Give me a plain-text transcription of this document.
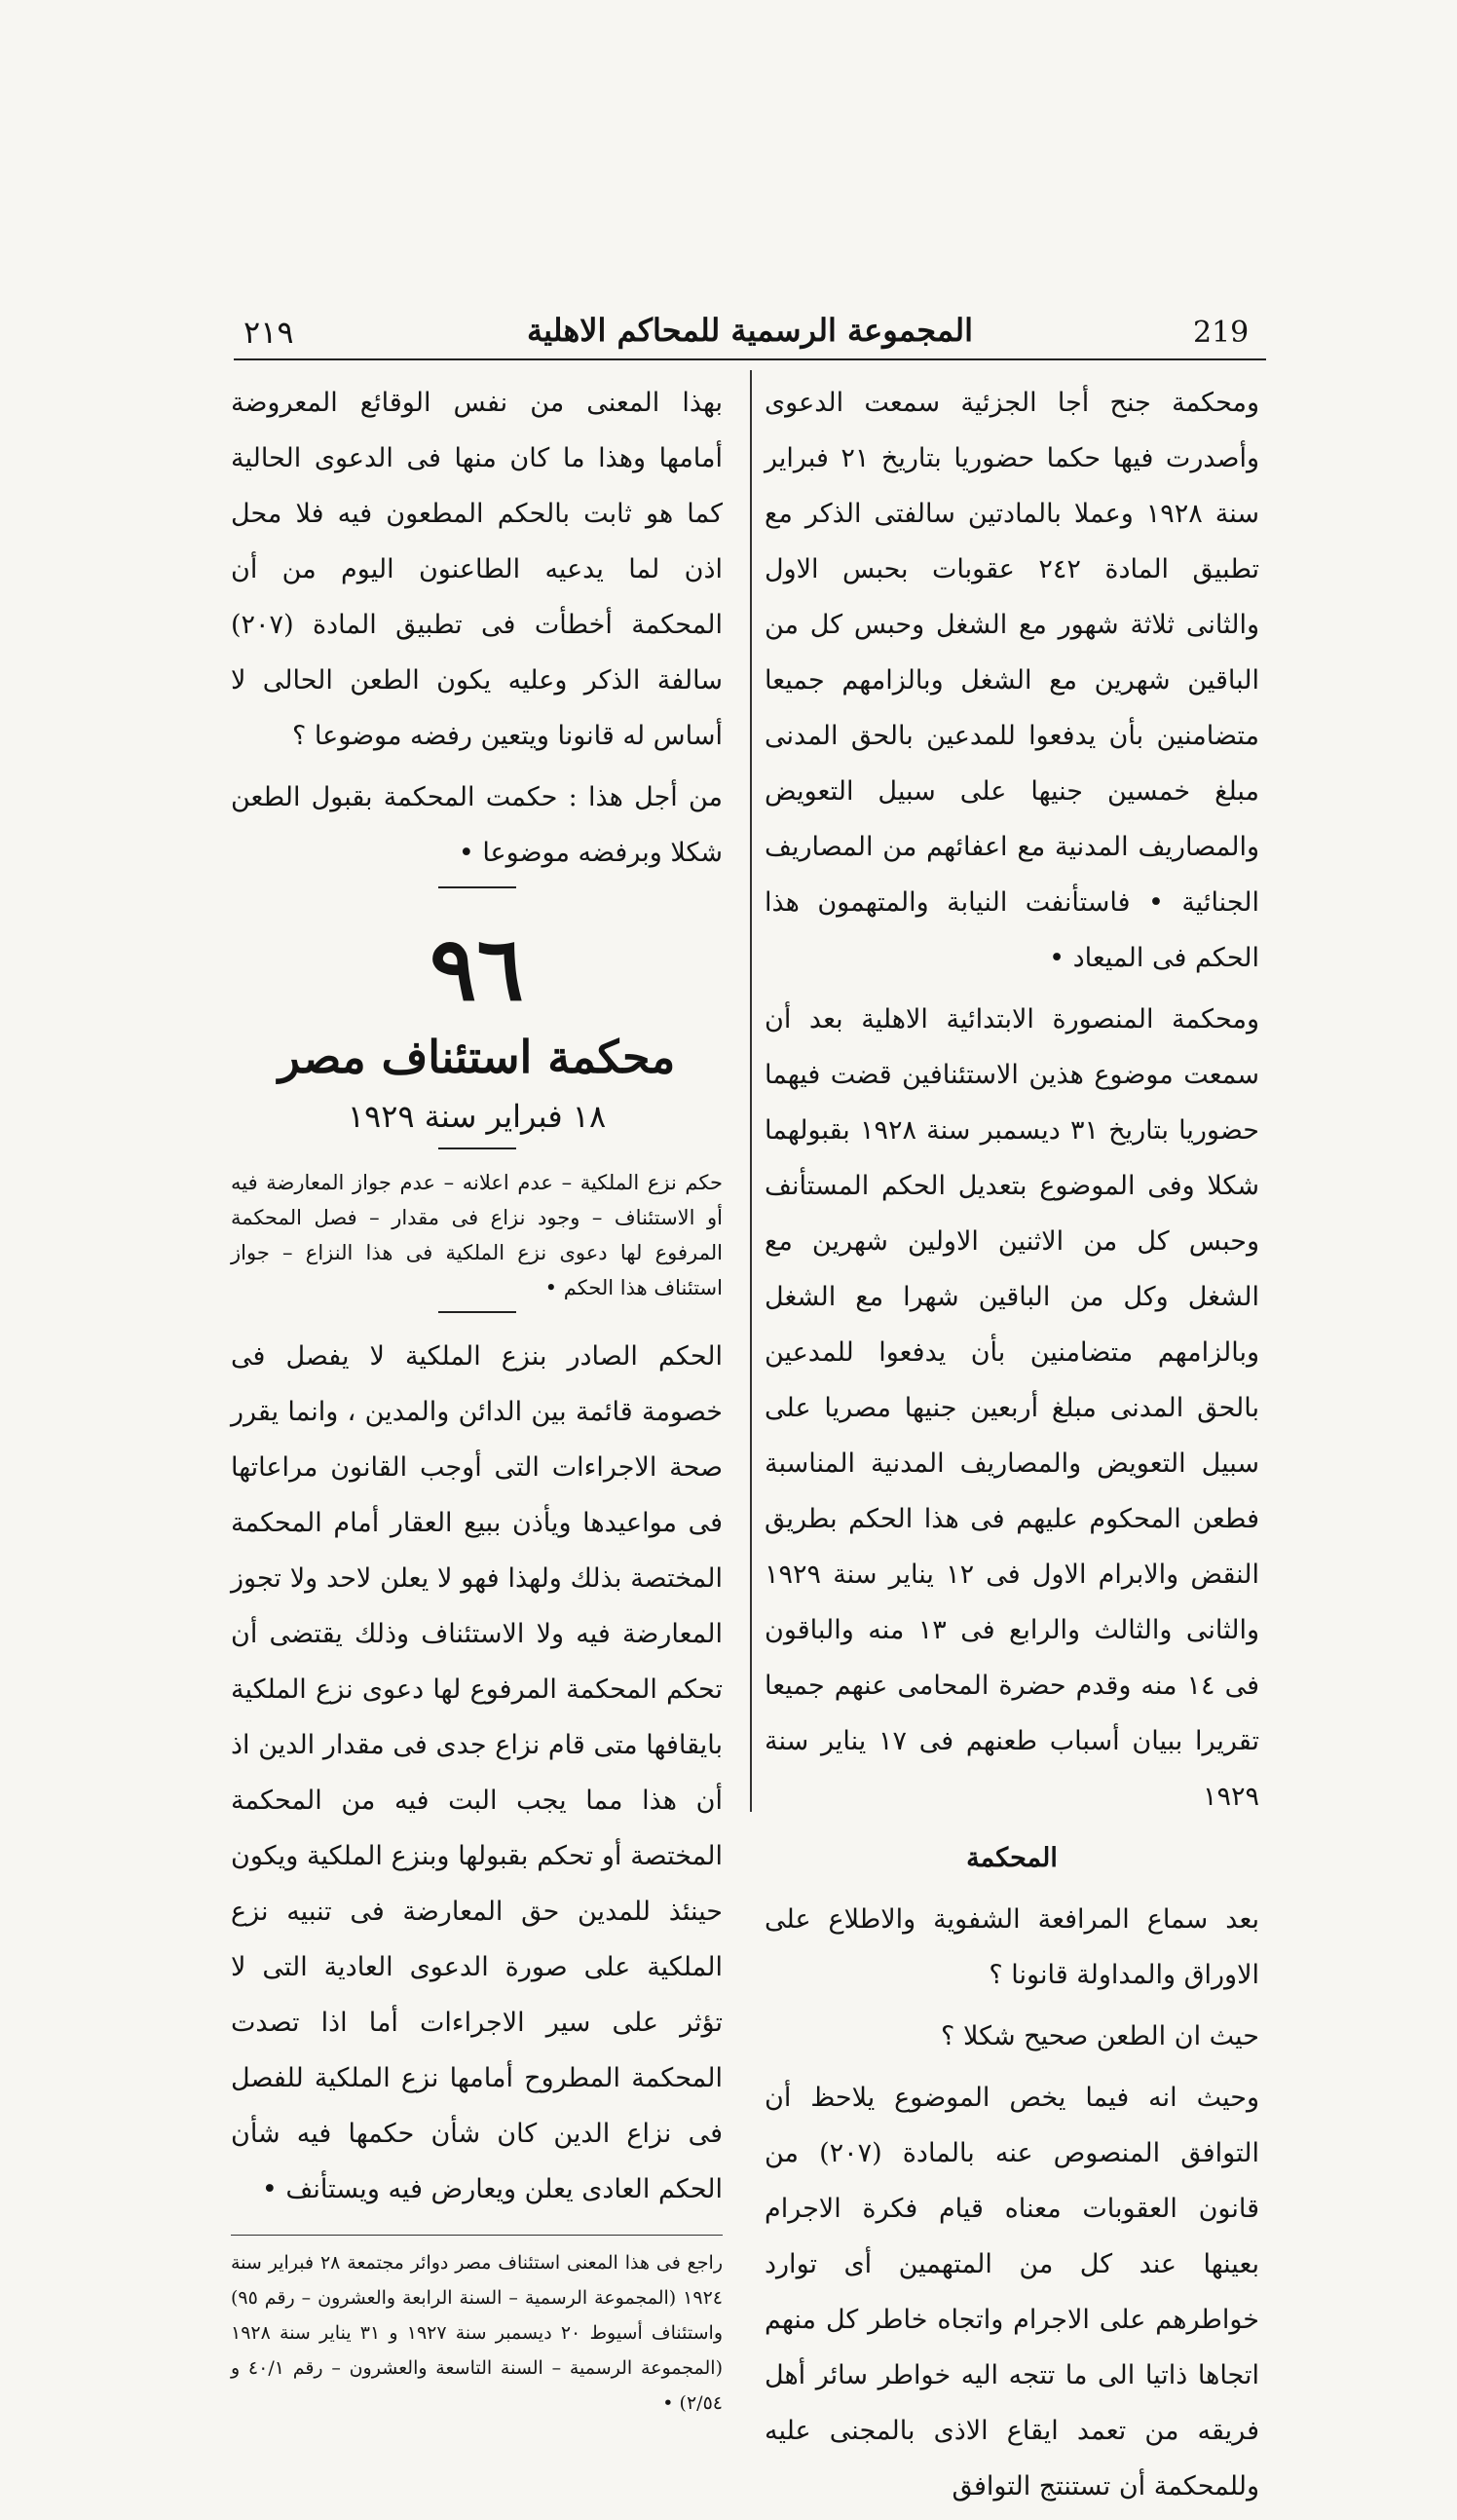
٢١٩	المجموعة الرسمية للمحاكم الاهلية	219

ومحكمة جنح أجا الجزئية سمعت الدعوى وأصدرت فيها حكما حضوريا بتاريخ ٢١ فبراير سنة ١٩٢٨ وعملا بالمادتين سالفتى الذكر مع تطبيق المادة ٢٤٢ عقوبات بحبس الاول والثانى ثلاثة شهور مع الشغل وحبس كل من الباقين شهرين مع الشغل وبالزامهم جميعا متضامنين بأن يدفعوا للمدعين بالحق المدنى مبلغ خمسين جنيها على سبيل التعويض والمصاريف المدنية مع اعفائهم من المصاريف الجنائية • فاستأنفت النيابة والمتهمون هذا الحكم فى الميعاد •

ومحكمة المنصورة الابتدائية الاهلية بعد أن سمعت موضوع هذين الاستئنافين قضت فيهما حضوريا بتاريخ ٣١ ديسمبر سنة ١٩٢٨ بقبولهما شكلا وفى الموضوع بتعديل الحكم المستأنف وحبس كل من الاثنين الاولين شهرين مع الشغل وكل من الباقين شهرا مع الشغل وبالزامهم متضامنين بأن يدفعوا للمدعين بالحق المدنى مبلغ أربعين جنيها مصريا على سبيل التعويض والمصاريف المدنية المناسبة فطعن المحكوم عليهم فى هذا الحكم بطريق النقض والابرام الاول فى ١٢ يناير سنة ١٩٢٩ والثانى والثالث والرابع فى ١٣ منه والباقون فى ١٤ منه وقدم حضرة المحامى عنهم جميعا تقريرا ببيان أسباب طعنهم فى ١٧ يناير سنة ١٩٢٩

المحكمة

بعد سماع المرافعة الشفوية والاطلاع على الاوراق والمداولة قانونا ؟

حيث ان الطعن صحيح شكلا ؟

وحيث انه فيما يخص الموضوع يلاحظ أن التوافق المنصوص عنه بالمادة (٢٠٧) من قانون العقوبات معناه قيام فكرة الاجرام بعينها عند كل من المتهمين أى توارد خواطرهم على الاجرام واتجاه خاطر كل منهم اتجاها ذاتيا الى ما تتجه اليه خواطر سائر أهل فريقه من تعمد ايقاع الاذى بالمجنى عليه وللمحكمة أن تستنتج التوافق

بهذا المعنى من نفس الوقائع المعروضة أمامها وهذا ما كان منها فى الدعوى الحالية كما هو ثابت بالحكم المطعون فيه فلا محل اذن لما يدعيه الطاعنون اليوم من أن المحكمة أخطأت فى تطبيق المادة (٢٠٧) سالفة الذكر وعليه يكون الطعن الحالى لا أساس له قانونا ويتعين رفضه موضوعا ؟

من أجل هذا : حكمت المحكمة بقبول الطعن شكلا وبرفضه موضوعا •

٩٦
محكمة استئناف مصر
١٨ فبراير سنة ١٩٢٩

حكم نزع الملكية – عدم اعلانه – عدم جواز المعارضة فيه أو الاستئناف – وجود نزاع فى مقدار – فصل المحكمة المرفوع لها دعوى نزع الملكية فى هذا النزاع – جواز استئناف هذا الحكم •

الحكم الصادر بنزع الملكية لا يفصل فى خصومة قائمة بين الدائن والمدين ، وانما يقرر صحة الاجراءات التى أوجب القانون مراعاتها فى مواعيدها ويأذن ببيع العقار أمام المحكمة المختصة بذلك ولهذا فهو لا يعلن لاحد ولا تجوز المعارضة فيه ولا الاستئناف وذلك يقتضى أن تحكم المحكمة المرفوع لها دعوى نزع الملكية بايقافها متى قام نزاع جدى فى مقدار الدين اذ أن هذا مما يجب البت فيه من المحكمة المختصة أو تحكم بقبولها وبنزع الملكية ويكون حينئذ للمدين حق المعارضة فى تنبيه نزع الملكية على صورة الدعوى العادية التى لا تؤثر على سير الاجراءات أما اذا تصدت المحكمة المطروح أمامها نزع الملكية للفصل فى نزاع الدين كان شأن حكمها فيه شأن الحكم العادى يعلن ويعارض فيه ويستأنف •

راجع فى هذا المعنى استئناف مصر دوائر مجتمعة ٢٨ فبراير سنة ١٩٢٤ (المجموعة الرسمية – السنة الرابعة والعشرون – رقم ٩٥) واستئناف أسيوط ٢٠ ديسمبر سنة ١٩٢٧ و ٣١ يناير سنة ١٩٢٨ (المجموعة الرسمية – السنة التاسعة والعشرون – رقم ٤٠/١ و ٢/٥٤) •
